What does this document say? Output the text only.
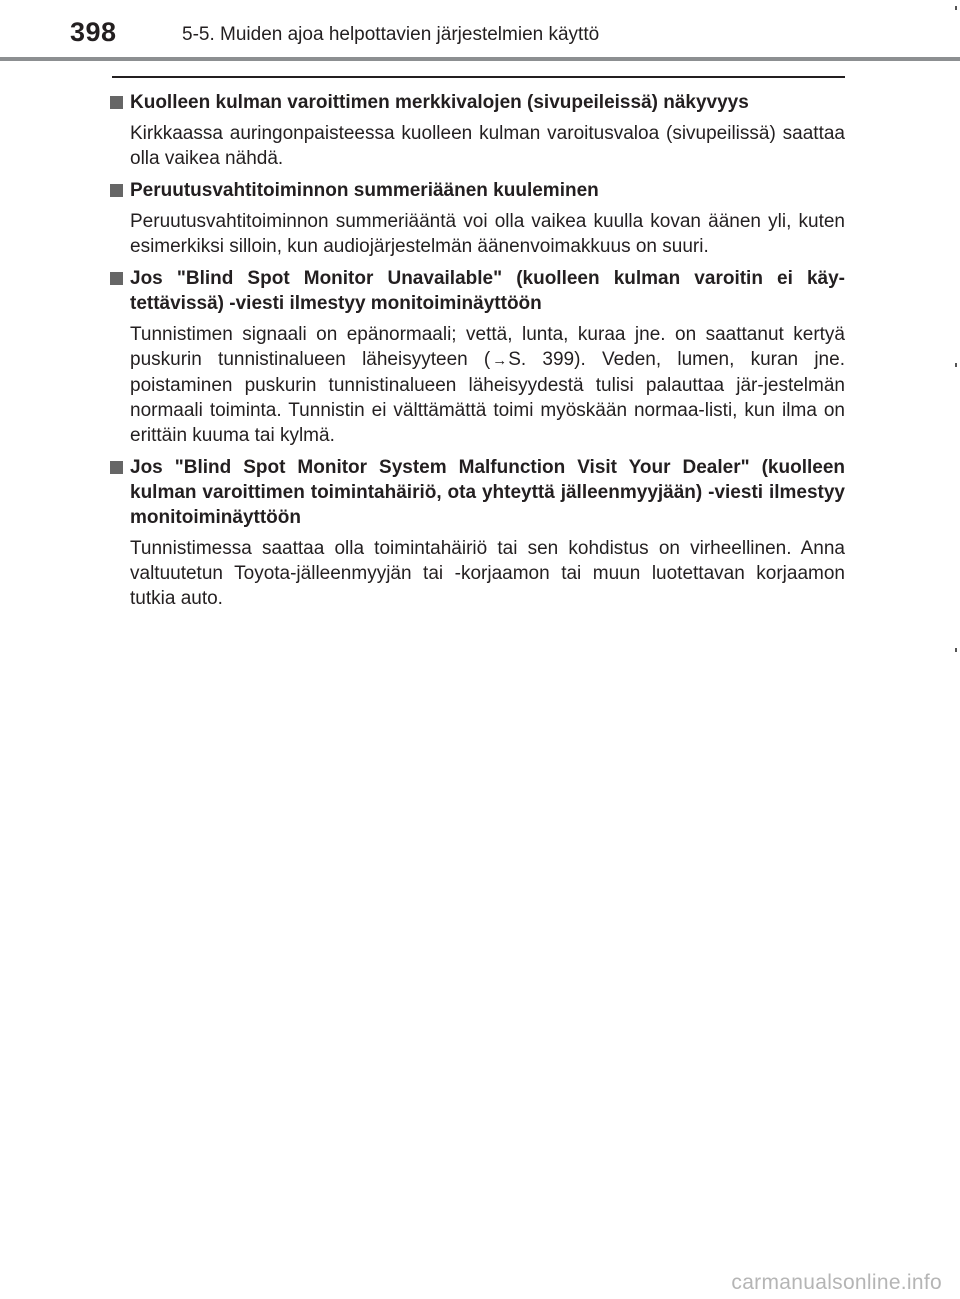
398	5-5. Muiden ajoa helpottavien järjestelmien käyttö
Kuolleen kulman varoittimen merkkivalojen (sivupeileissä) näkyvyys
Kirkkaassa auringonpaisteessa kuolleen kulman varoitusvaloa (sivupeilissä) saattaa olla vaikea nähdä.
Peruutusvahtitoiminnon summeriäänen kuuleminen
Peruutusvahtitoiminnon summeriääntä voi olla vaikea kuulla kovan äänen yli, kuten esimerkiksi silloin, kun audiojärjestelmän äänenvoimakkuus on suuri.
Jos "Blind Spot Monitor Unavailable" (kuolleen kulman varoitin ei käy-tettävissä) -viesti ilmestyy monitoiminäyttöön
Tunnistimen signaali on epänormaali; vettä, lunta, kuraa jne. on saattanut kertyä puskurin tunnistinalueen läheisyyteen ( →S. 399). Veden, lumen, kuran jne. poistaminen puskurin tunnistinalueen läheisyydestä tulisi palauttaa jär-jestelmän normaali toiminta. Tunnistin ei välttämättä toimi myöskään normaa-listi, kun ilma on erittäin kuuma tai kylmä.
Jos "Blind Spot Monitor System Malfunction Visit Your Dealer" (kuolleen kulman varoittimen toimintahäiriö, ota yhteyttä jälleenmyyjään) -viesti ilmestyy monitoiminäyttöön
Tunnistimessa saattaa olla toimintahäiriö tai sen kohdistus on virheellinen. Anna valtuutetun Toyota-jälleenmyyjän tai -korjaamon tai muun luotettavan korjaamon tutkia auto.
carmanualsonline.info
